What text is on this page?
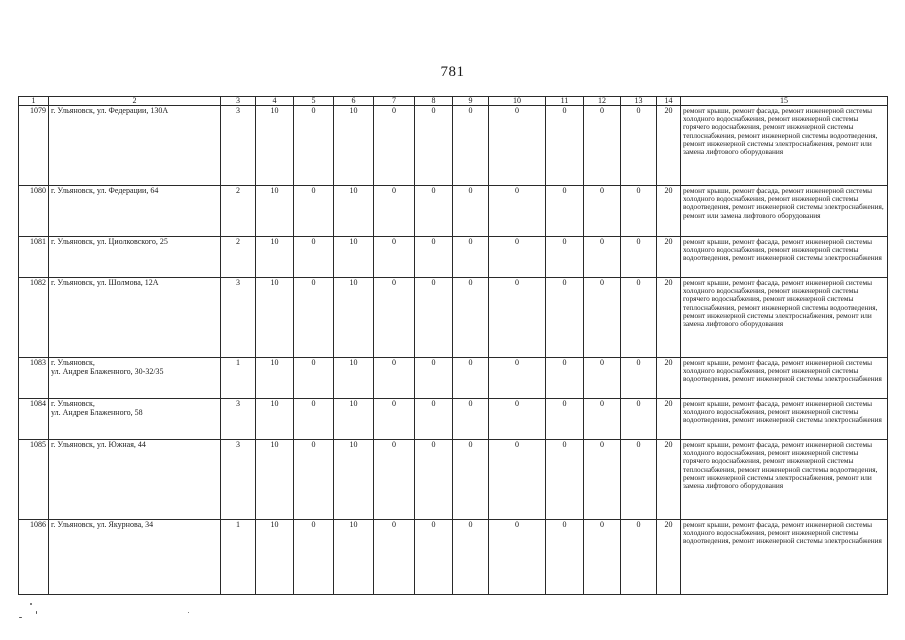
781
1	2	3	4	5	6	7	8	9	10	11	12	13	14	15
1079	г. Ульяновск, ул. Федерации, 130А	3	10	0	10	0	0	0	0	0	0	0	20	ремонт крыши, ремонт фасада, ремонт инженерной системы холодного водоснабжения, ремонт инженерной системы горячего водоснабжения, ремонт инженерной системы теплоснабжения, ремонт инженерной системы водоотведения, ремонт инженерной системы электроснабжения, ремонт или замена лифтового оборудования
1080	г. Ульяновск, ул. Федерации, 64	2	10	0	10	0	0	0	0	0	0	0	20	ремонт крыши, ремонт фасада, ремонт инженерной системы холодного водоснабжения, ремонт инженерной системы водоотведения, ремонт инженерной системы электроснабжения, ремонт или замена лифтового оборудования
1081	г. Ульяновск, ул. Циолковского, 25	2	10	0	10	0	0	0	0	0	0	0	20	ремонт крыши, ремонт фасада, ремонт инженерной системы холодного водоснабжения, ремонт инженерной системы водоотведения, ремонт инженерной системы электроснабжения
1082	г. Ульяновск, ул. Шолмова, 12А	3	10	0	10	0	0	0	0	0	0	0	20	ремонт крыши, ремонт фасада, ремонт инженерной системы холодного водоснабжения, ремонт инженерной системы горячего водоснабжения, ремонт инженерной системы теплоснабжения, ремонт инженерной системы водоотведения, ремонт инженерной системы электроснабжения, ремонт или замена лифтового оборудования
1083	г. Ульяновск,
ул. Андрея Блаженного, 30-32/35	1	10	0	10	0	0	0	0	0	0	0	20	ремонт крыши, ремонт фасада, ремонт инженерной системы холодного водоснабжения, ремонт инженерной системы водоотведения, ремонт инженерной системы электроснабжения
1084	г. Ульяновск,
ул. Андрея Блаженного, 58	3	10	0	10	0	0	0	0	0	0	0	20	ремонт крыши, ремонт фасада, ремонт инженерной системы холодного водоснабжения, ремонт инженерной системы водоотведения, ремонт инженерной системы электроснабжения
1085	г. Ульяновск, ул. Южная, 44	3	10	0	10	0	0	0	0	0	0	0	20	ремонт крыши, ремонт фасада, ремонт инженерной системы холодного водоснабжения, ремонт инженерной системы горячего водоснабжения, ремонт инженерной системы теплоснабжения, ремонт инженерной системы водоотведения, ремонт инженерной системы электроснабжения, ремонт или замена лифтового оборудования
1086	г. Ульяновск, ул. Якурнова, 34	1	10	0	10	0	0	0	0	0	0	0	20	ремонт крыши, ремонт фасада, ремонт инженерной системы холодного водоснабжения, ремонт инженерной системы водоотведения, ремонт инженерной системы электроснабжения
